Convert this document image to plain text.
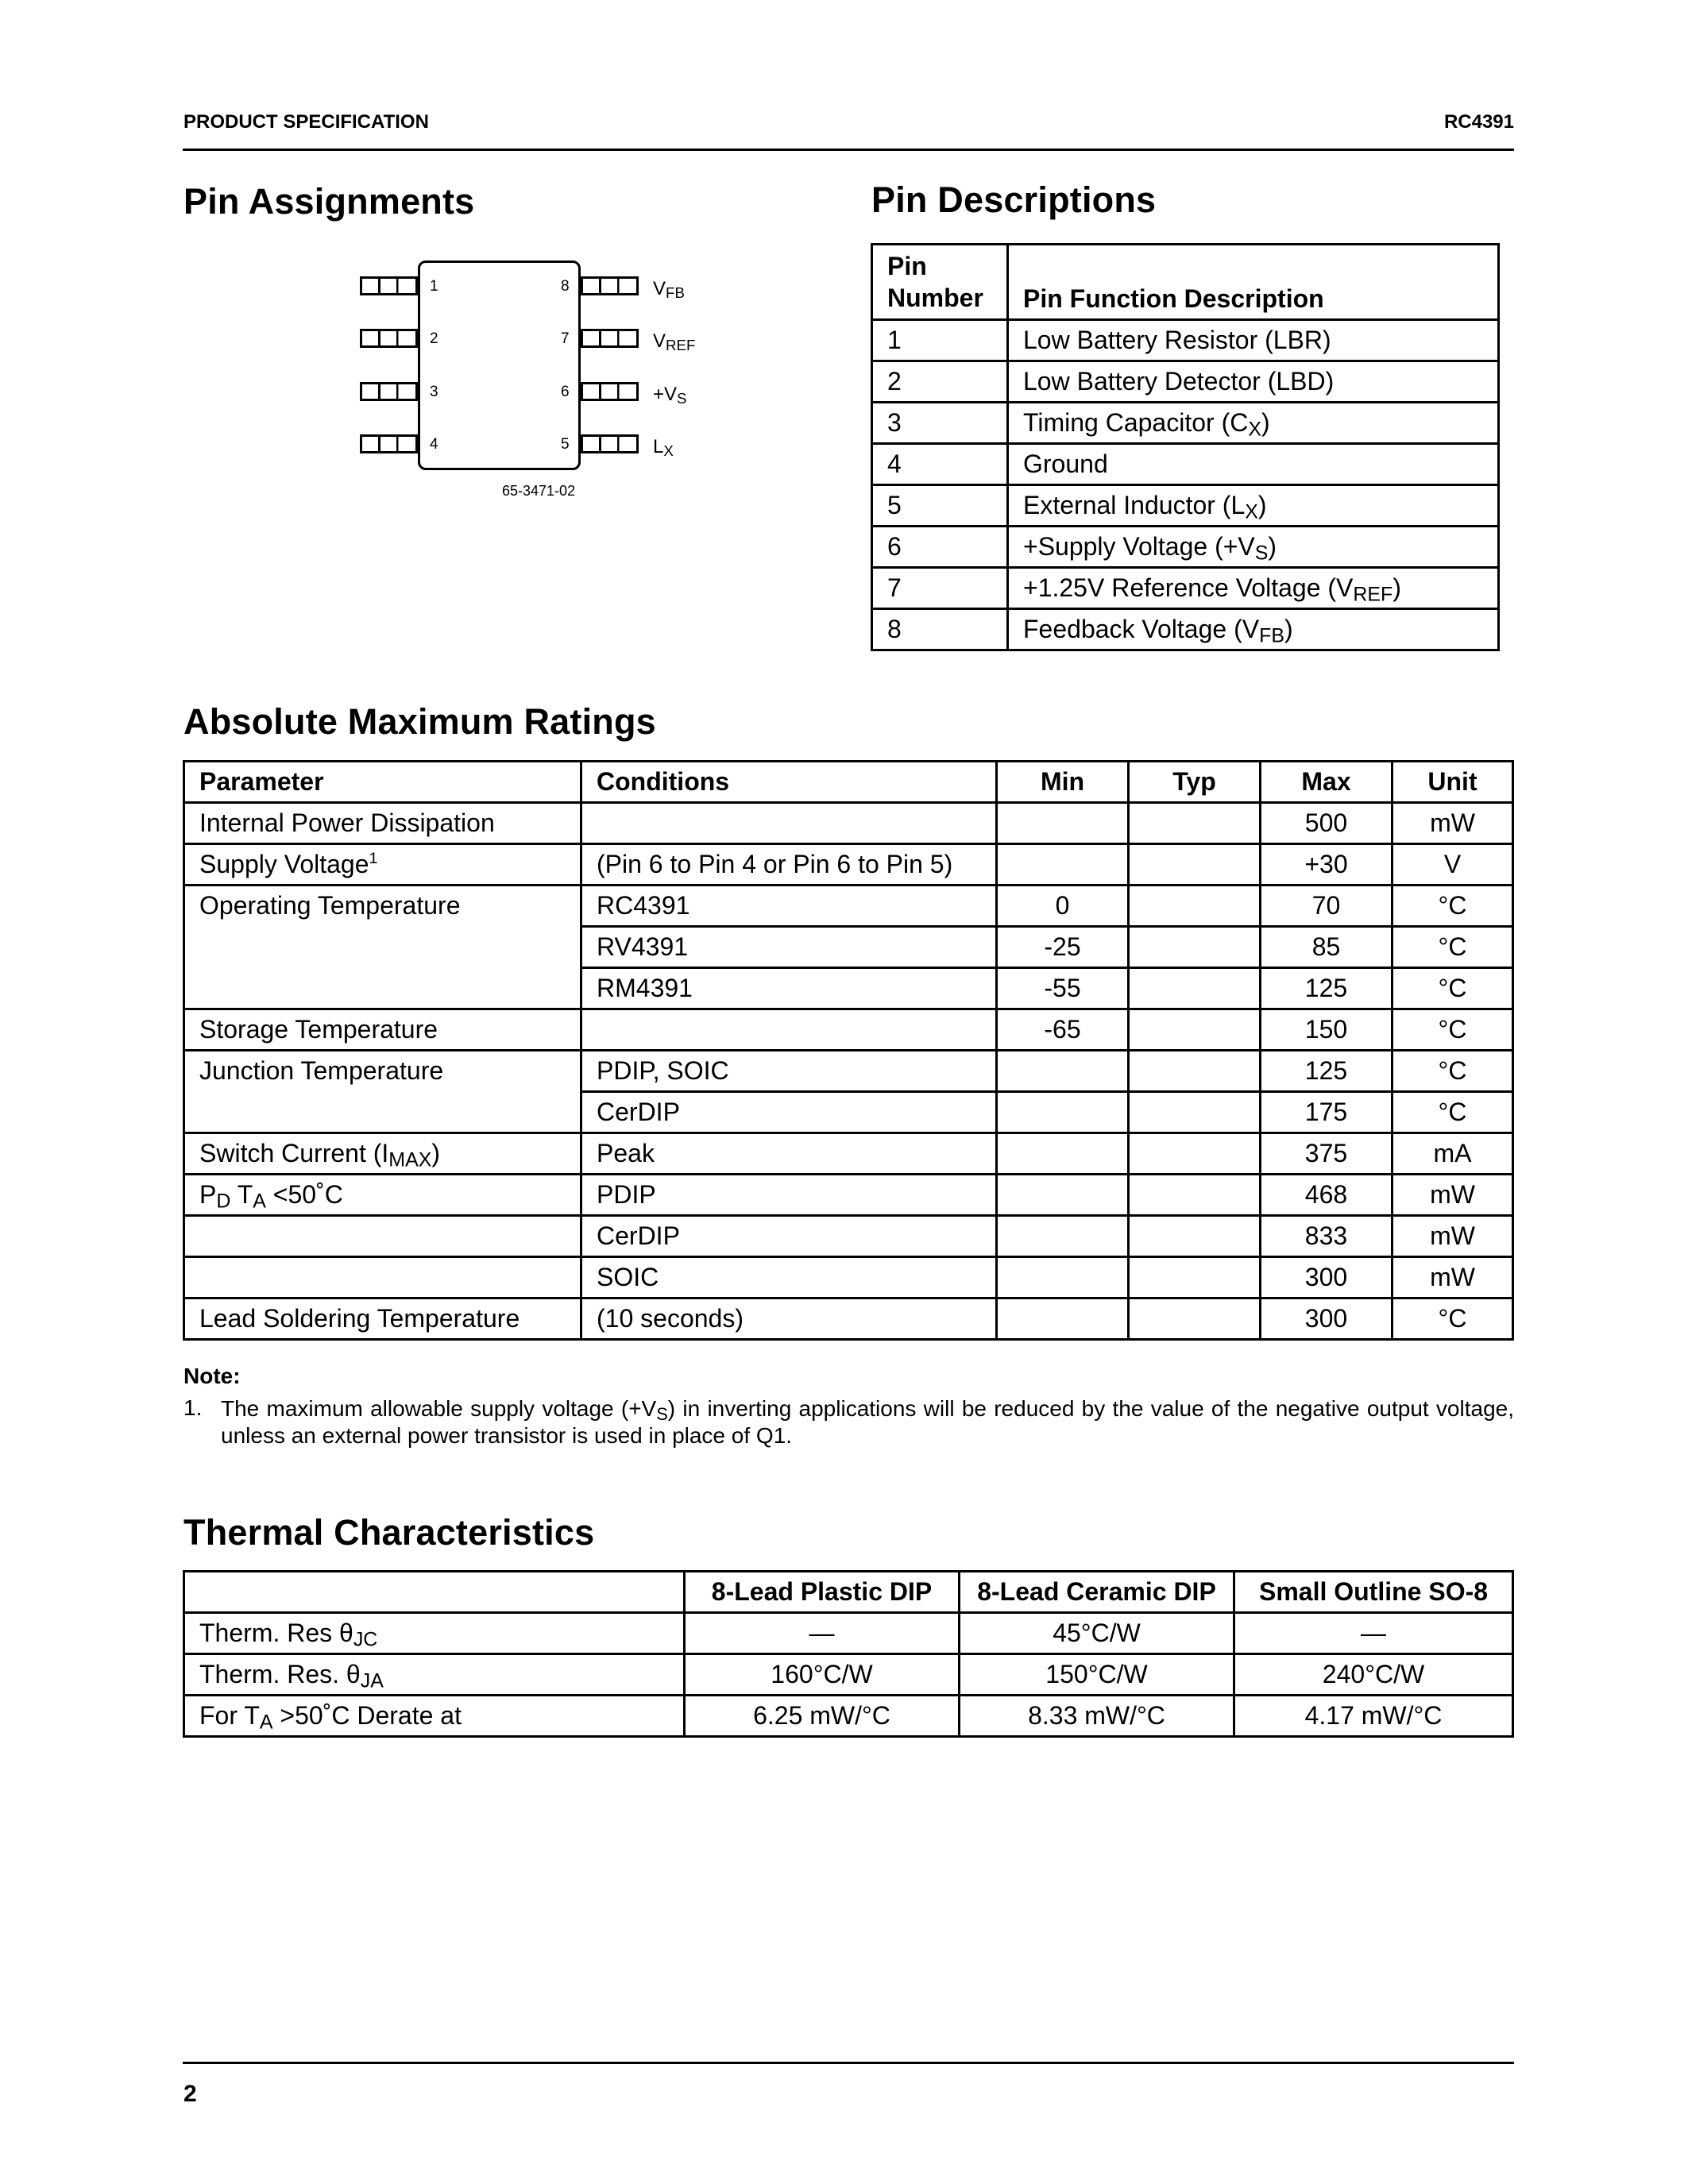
PRODUCT SPECIFICATION	RC4391
Pin Assignments
1
2
3
4
8
7
6
5
$V_{FB}$
$V_{REF}$
$+V_S$
$L_X$
65-3471-02
Pin Descriptions
Pin Number	Pin Function Description
1	Low Battery Resistor (LBR)
2	Low Battery Detector (LBD)
3	Timing Capacitor $(C_X)$
4	Ground
5	External Inductor $(L_X)$
6	+Supply Voltage $(+V_S)$
7	+1.25V Reference Voltage $(V_{REF})$
8	Feedback Voltage $(V_{FB})$
Absolute Maximum Ratings
Parameter	Conditions	Min	Typ	Max	Unit
Internal Power Dissipation				500	mW
Supply Voltage$^1$	(Pin 6 to Pin 4 or Pin 6 to Pin 5)			+30	V
Operating Temperature	RC4391	0		70	°C
	RV4391	-25		85	°C
	RM4391	-55		125	°C
Storage Temperature		-65		150	°C
Junction Temperature	PDIP, SOIC			125	°C
	CerDIP			175	°C
Switch Current $(I_{MAX})$	Peak			375	mA
$P_D$ $T_A$ <50˚C	PDIP			468	mW
	CerDIP			833	mW
	SOIC			300	mW
Lead Soldering Temperature	(10 seconds)			300	°C
Note:
1. The maximum allowable supply voltage $(+V_S)$ in inverting applications will be reduced by the value of the negative output voltage, unless an external power transistor is used in place of Q1.
Thermal Characteristics
	8-Lead Plastic DIP	8-Lead Ceramic DIP	Small Outline SO-8
Therm. Res $\theta_{JC}$	—	45°C/W	—
Therm. Res. $\theta_{JA}$	160°C/W	150°C/W	240°C/W
For $T_A$ >50˚C Derate at	6.25 mW/°C	8.33 mW/°C	4.17 mW/°C
2
